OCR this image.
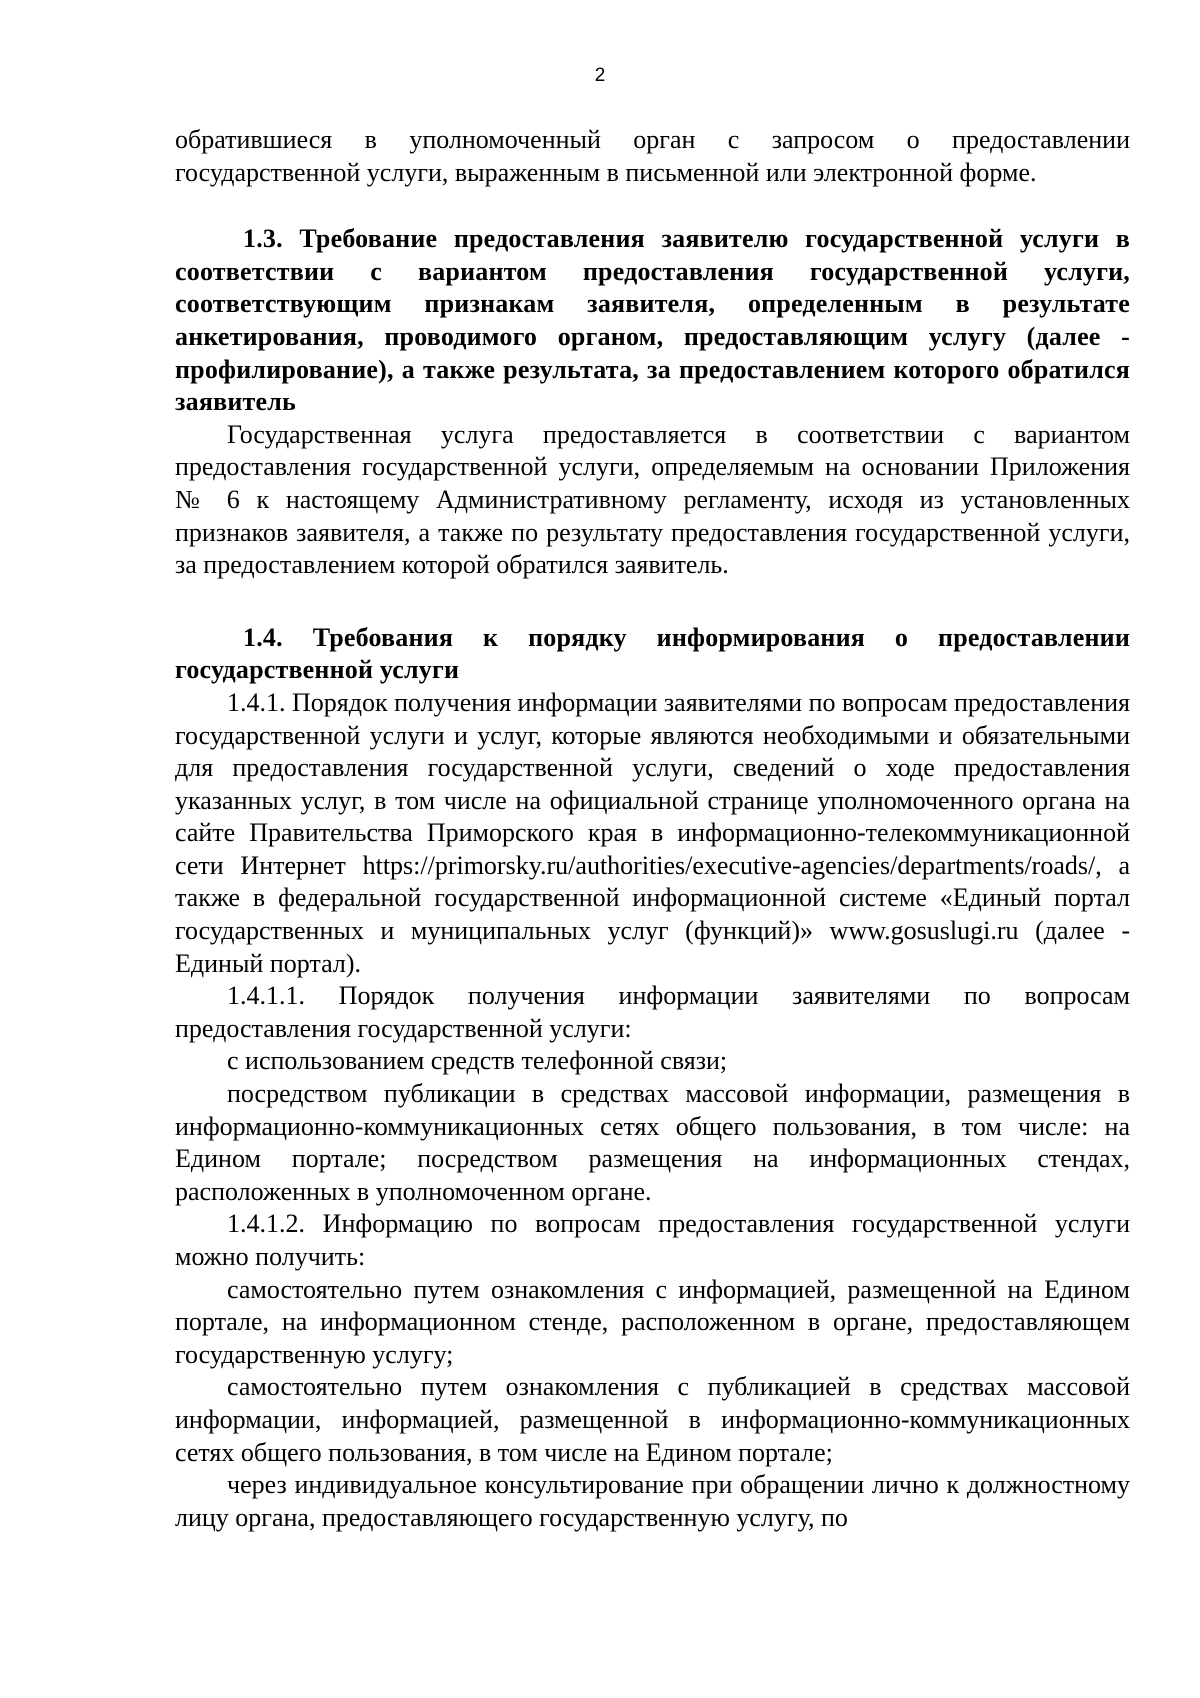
2

обратившиеся в уполномоченный орган с запросом о предоставлении государственной услуги, выраженным в письменной или электронной форме.

1.3. Требование предоставления заявителю государственной услуги в соответствии с вариантом предоставления государственной услуги, соответствующим признакам заявителя, определенным в результате анкетирования, проводимого органом, предоставляющим услугу (далее - профилирование), а также результата, за предоставлением которого обратился заявитель

Государственная услуга предоставляется в соответствии с вариантом предоставления государственной услуги, определяемым на основании Приложения № 6 к настоящему Административному регламенту, исходя из установленных признаков заявителя, а также по результату предоставления государственной услуги, за предоставлением которой обратился заявитель.

1.4. Требования к порядку информирования о предоставлении государственной услуги

1.4.1. Порядок получения информации заявителями по вопросам предоставления государственной услуги и услуг, которые являются необходимыми и обязательными для предоставления государственной услуги, сведений о ходе предоставления указанных услуг, в том числе на официальной странице уполномоченного органа на сайте Правительства Приморского края в информационно-телекоммуникационной сети Интернет https://primorsky.ru/authorities/executive-agencies/departments/roads/, а также в федеральной государственной информационной системе «Единый портал государственных и муниципальных услуг (функций)» www.gosuslugi.ru (далее - Единый портал).

1.4.1.1. Порядок получения информации заявителями по вопросам предоставления государственной услуги:

с использованием средств телефонной связи;

посредством публикации в средствах массовой информации, размещения в информационно-коммуникационных сетях общего пользования, в том числе: на Едином портале; посредством размещения на информационных стендах, расположенных в уполномоченном органе.

1.4.1.2. Информацию по вопросам предоставления государственной услуги можно получить:

самостоятельно путем ознакомления с информацией, размещенной на Едином портале, на информационном стенде, расположенном в органе, предоставляющем государственную услугу;

самостоятельно путем ознакомления с публикацией в средствах массовой информации, информацией, размещенной в информационно-коммуникационных сетях общего пользования, в том числе на Едином портале;

через индивидуальное консультирование при обращении лично к должностному лицу органа, предоставляющего государственную услугу, по
